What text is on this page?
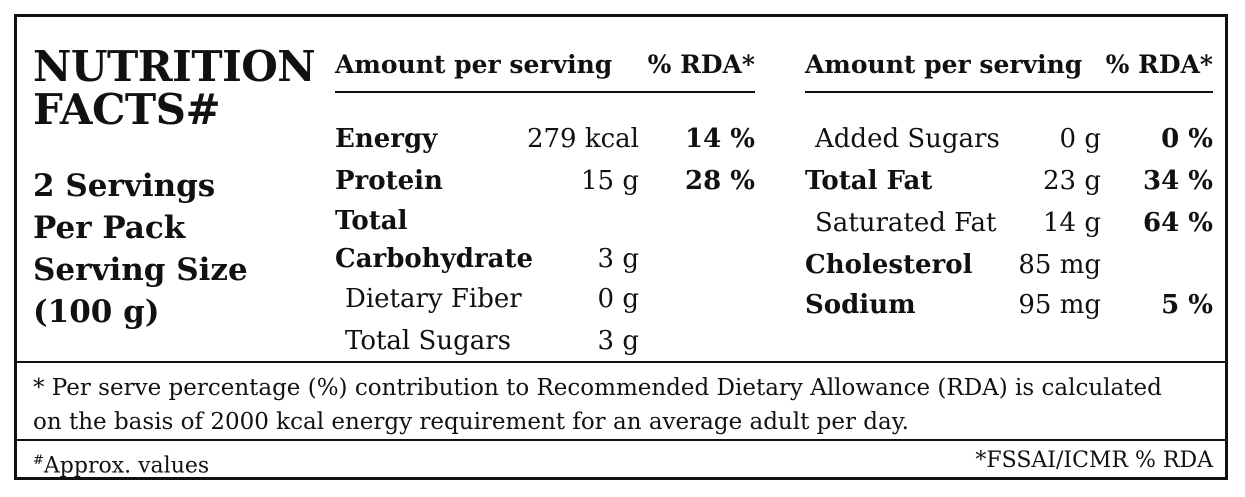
NUTRITION
FACTS#
2 Servings
Per Pack
Serving Size
(100 g)
Amount per serving % RDA*
Energy	279 kcal 14 %
Protein	15 g 28 %
Total
Carbohydrate 3 g
Dietary Fiber	0 g
Total Sugars	3 g
Amount per serving % RDA*
Added Sugars 0 g 0 %
Total Fat	23 g 34 %
Saturated Fat 14 g 64 %
Cholesterol 85 mg
Sodium	95 mg 5 %
* Per serve percentage (%) contribution to Recommended Dietary Allowance (RDA) is calculated
on the basis of 2000 kcal energy requirement for an average adult per day.
#Approx. values	*FSSAI/ICMR % RDA
